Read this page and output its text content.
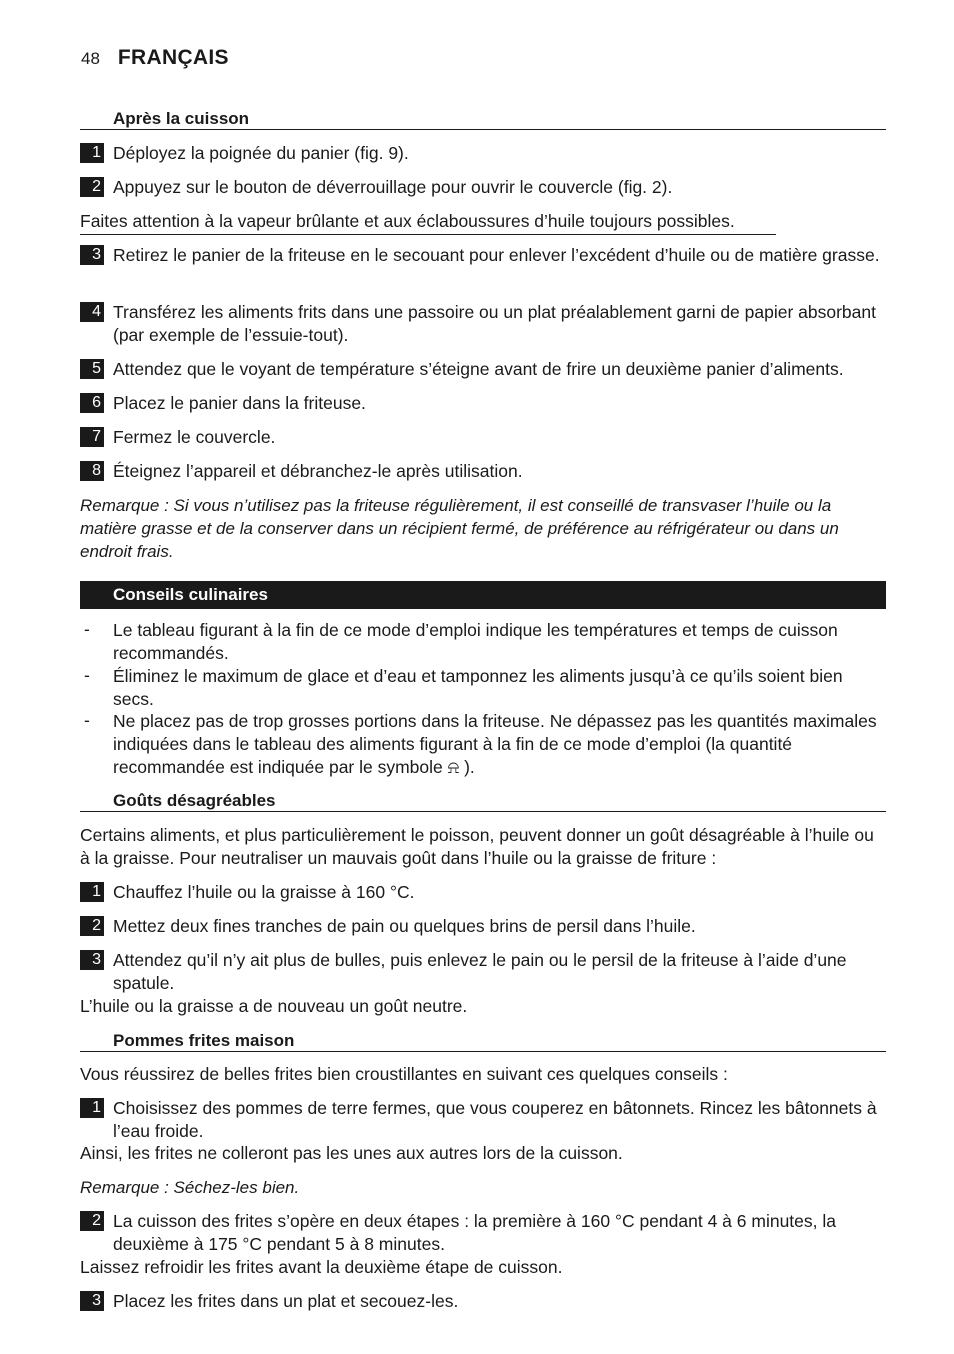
48 FRANÇAIS
Après la cuisson
1 Déployez la poignée du panier (fig. 9).
2 Appuyez sur le bouton de déverrouillage pour ouvrir le couvercle (fig. 2).
Faites attention à la vapeur brûlante et aux éclaboussures d’huile toujours possibles.
3 Retirez le panier de la friteuse en le secouant pour enlever l’excédent d’huile ou de matière grasse.
4 Transférez les aliments frits dans une passoire ou un plat préalablement garni de papier absorbant (par exemple de l’essuie-tout).
5 Attendez que le voyant de température s’éteigne avant de frire un deuxième panier d’aliments.
6 Placez le panier dans la friteuse.
7 Fermez le couvercle.
8 Éteignez l’appareil et débranchez-le après utilisation.
Remarque : Si vous n’utilisez pas la friteuse régulièrement, il est conseillé de transvaser l’huile ou la matière grasse et de la conserver dans un récipient fermé, de préférence au réfrigérateur ou dans un endroit frais.
Conseils culinaires
- Le tableau figurant à la fin de ce mode d’emploi indique les températures et temps de cuisson recommandés.
- Éliminez le maximum de glace et d’eau et tamponnez les aliments jusqu’à ce qu’ils soient bien secs.
- Ne placez pas de trop grosses portions dans la friteuse. Ne dépassez pas les quantités maximales indiquées dans le tableau des aliments figurant à la fin de ce mode d’emploi (la quantité recommandée est indiquée par le symbole ⍾ ).
Goûts désagréables
Certains aliments, et plus particulièrement le poisson, peuvent donner un goût désagréable à l’huile ou à la graisse. Pour neutraliser un mauvais goût dans l’huile ou la graisse de friture :
1 Chauffez l’huile ou la graisse à 160 °C.
2 Mettez deux fines tranches de pain ou quelques brins de persil dans l’huile.
3 Attendez qu’il n’y ait plus de bulles, puis enlevez le pain ou le persil de la friteuse à l’aide d’une spatule.
L’huile ou la graisse a de nouveau un goût neutre.
Pommes frites maison
Vous réussirez de belles frites bien croustillantes en suivant ces quelques conseils :
1 Choisissez des pommes de terre fermes, que vous couperez en bâtonnets. Rincez les bâtonnets à l’eau froide.
Ainsi, les frites ne colleront pas les unes aux autres lors de la cuisson.
Remarque : Séchez-les bien.
2 La cuisson des frites s’opère en deux étapes : la première à 160 °C pendant 4 à 6 minutes, la deuxième à 175 °C pendant 5 à 8 minutes.
Laissez refroidir les frites avant la deuxième étape de cuisson.
3 Placez les frites dans un plat et secouez-les.
